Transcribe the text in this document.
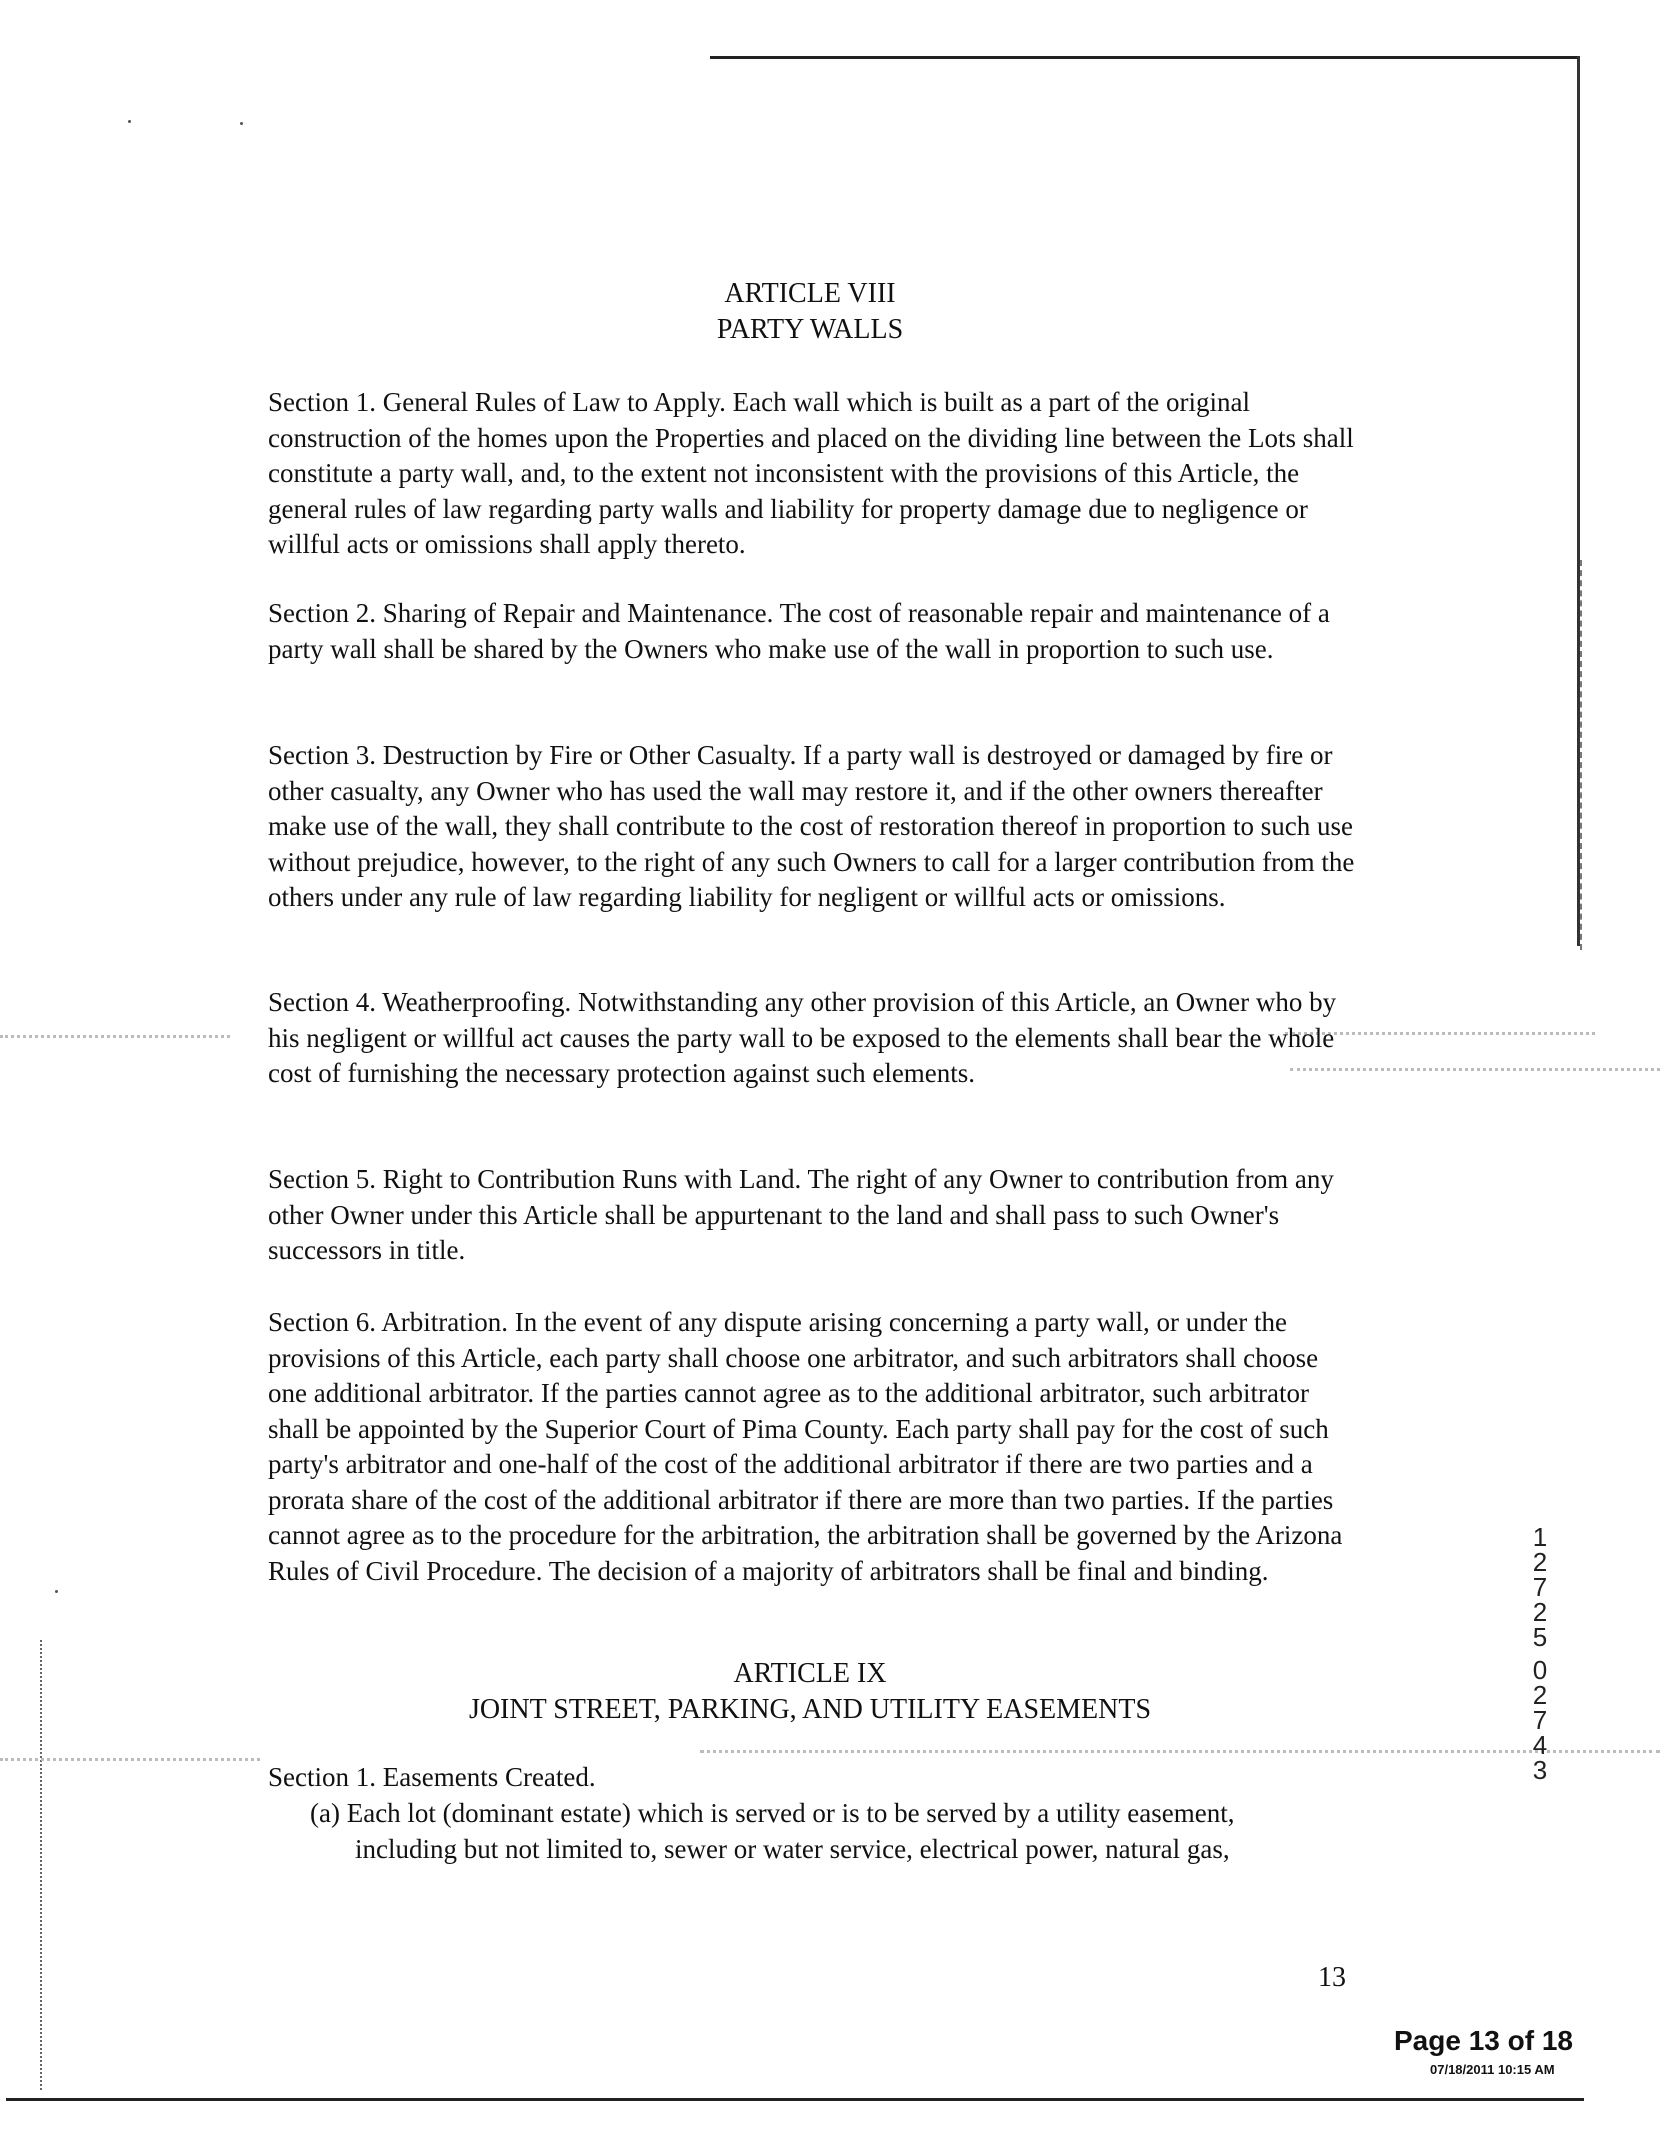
ARTICLE VIII
PARTY WALLS

Section 1. General Rules of Law to Apply. Each wall which is built as a part of the original construction of the homes upon the Properties and placed on the dividing line between the Lots shall constitute a party wall, and, to the extent not inconsistent with the provisions of this Article, the general rules of law regarding party walls and liability for property damage due to negligence or willful acts or omissions shall apply thereto.

Section 2. Sharing of Repair and Maintenance. The cost of reasonable repair and maintenance of a party wall shall be shared by the Owners who make use of the wall in proportion to such use.

Section 3. Destruction by Fire or Other Casualty. If a party wall is destroyed or damaged by fire or other casualty, any Owner who has used the wall may restore it, and if the other owners thereafter make use of the wall, they shall contribute to the cost of restoration thereof in proportion to such use without prejudice, however, to the right of any such Owners to call for a larger contribution from the others under any rule of law regarding liability for negligent or willful acts or omissions.

Section 4. Weatherproofing. Notwithstanding any other provision of this Article, an Owner who by his negligent or willful act causes the party wall to be exposed to the elements shall bear the whole cost of furnishing the necessary protection against such elements.

Section 5. Right to Contribution Runs with Land. The right of any Owner to contribution from any other Owner under this Article shall be appurtenant to the land and shall pass to such Owner's successors in title.

Section 6. Arbitration. In the event of any dispute arising concerning a party wall, or under the provisions of this Article, each party shall choose one arbitrator, and such arbitrators shall choose one additional arbitrator. If the parties cannot agree as to the additional arbitrator, such arbitrator shall be appointed by the Superior Court of Pima County. Each party shall pay for the cost of such party's arbitrator and one-half of the cost of the additional arbitrator if there are two parties and a prorata share of the cost of the additional arbitrator if there are more than two parties. If the parties cannot agree as to the procedure for the arbitration, the arbitration shall be governed by the Arizona Rules of Civil Procedure. The decision of a majority of arbitrators shall be final and binding.

ARTICLE IX
JOINT STREET, PARKING, AND UTILITY EASEMENTS
Section 1. Easements Created.
(a) Each lot (dominant estate) which is served or is to be served by a utility easement,
including but not limited to, sewer or water service, electrical power, natural gas,
1
2
7
2
5
0
2
7
4
3
13
Page 13 of 18
07/18/2011 10:15 AM
